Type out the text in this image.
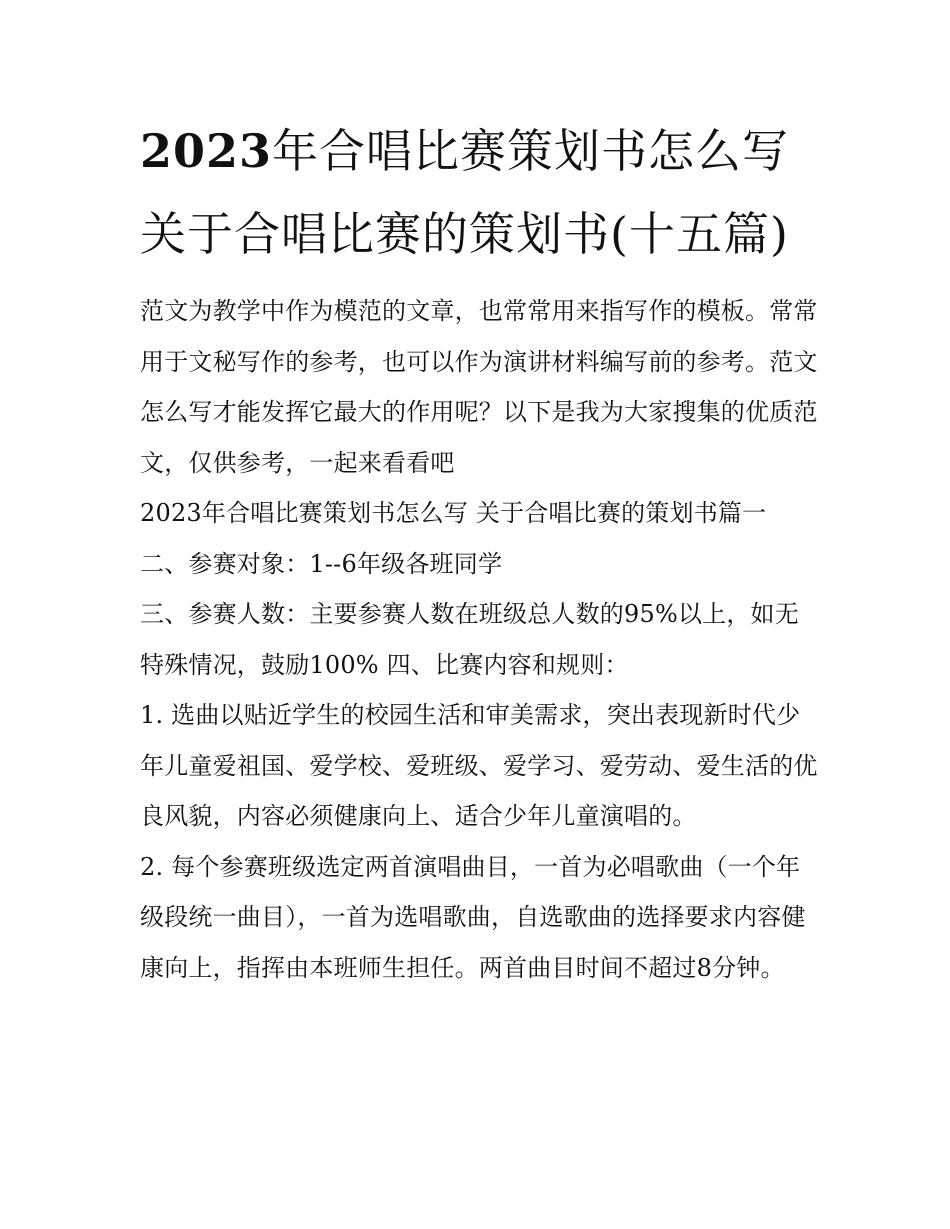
2023年合唱比赛策划书怎么写关于合唱比赛的策划书(十五篇)

范文为教学中作为模范的文章，也常常用来指写作的模板。常常用于文秘写作的参考，也可以作为演讲材料编写前的参考。范文怎么写才能发挥它最大的作用呢？以下是我为大家搜集的优质范文，仅供参考，一起来看看吧

2023年合唱比赛策划书怎么写 关于合唱比赛的策划书篇一

二、参赛对象：1--6年级各班同学

三、参赛人数：主要参赛人数在班级总人数的95%以上，如无特殊情况，鼓励100% 四、比赛内容和规则：

1. 选曲以贴近学生的校园生活和审美需求，突出表现新时代少年儿童爱祖国、爱学校、爱班级、爱学习、爱劳动、爱生活的优良风貌，内容必须健康向上、适合少年儿童演唱的。

2. 每个参赛班级选定两首演唱曲目，一首为必唱歌曲（一个年级段统一曲目），一首为选唱歌曲，自选歌曲的选择要求内容健康向上，指挥由本班师生担任。两首曲目时间不超过8分钟。
